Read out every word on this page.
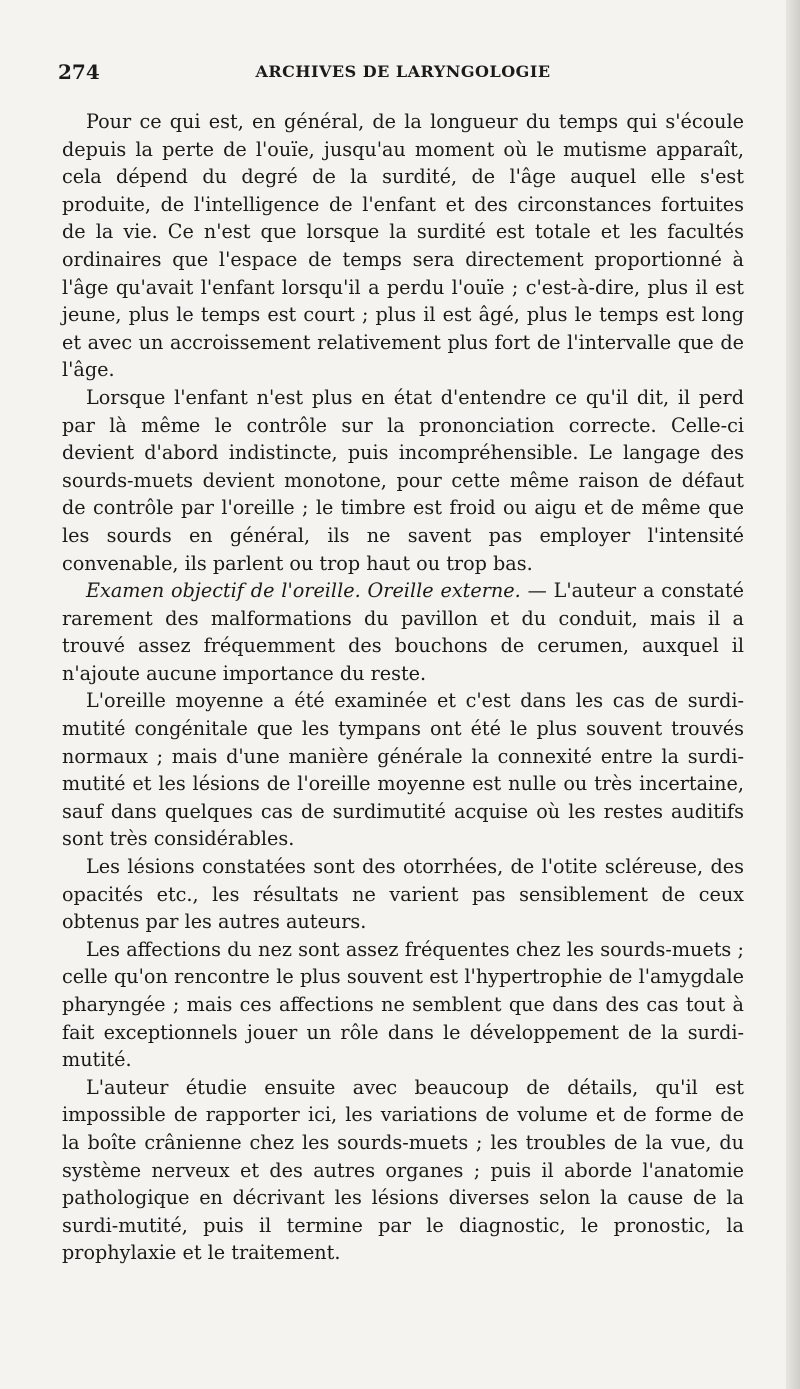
274	ARCHIVES DE LARYNGOLOGIE

Pour ce qui est, en général, de la longueur du temps qui s'écoule depuis la perte de l'ouïe, jusqu'au moment où le mutisme apparaît, cela dépend du degré de la surdité, de l'âge auquel elle s'est produite, de l'intelligence de l'enfant et des circonstances fortuites de la vie. Ce n'est que lorsque la surdité est totale et les facultés ordinaires que l'espace de temps sera directement proportionné à l'âge qu'avait l'enfant lorsqu'il a perdu l'ouïe ; c'est-à-dire, plus il est jeune, plus le temps est court ; plus il est âgé, plus le temps est long et avec un accroissement relativement plus fort de l'intervalle que de l'âge.

Lorsque l'enfant n'est plus en état d'entendre ce qu'il dit, il perd par là même le contrôle sur la prononciation correcte. Celle-ci devient d'abord indistincte, puis incompréhensible. Le langage des sourds-muets devient monotone, pour cette même raison de défaut de contrôle par l'oreille ; le timbre est froid ou aigu et de même que les sourds en général, ils ne savent pas employer l'intensité convenable, ils parlent ou trop haut ou trop bas.

Examen objectif de l'oreille. Oreille externe. — L'auteur a constaté rarement des malformations du pavillon et du conduit, mais il a trouvé assez fréquemment des bouchons de cerumen, auxquel il n'ajoute aucune importance du reste.

L'oreille moyenne a été examinée et c'est dans les cas de surdi-mutité congénitale que les tympans ont été le plus souvent trouvés normaux ; mais d'une manière générale la connexité entre la surdi-mutité et les lésions de l'oreille moyenne est nulle ou très incertaine, sauf dans quelques cas de surdimutité acquise où les restes auditifs sont très considérables.

Les lésions constatées sont des otorrhées, de l'otite scléreuse, des opacités etc., les résultats ne varient pas sensiblement de ceux obtenus par les autres auteurs.

Les affections du nez sont assez fréquentes chez les sourds-muets ; celle qu'on rencontre le plus souvent est l'hypertrophie de l'amygdale pharyngée ; mais ces affections ne semblent que dans des cas tout à fait exceptionnels jouer un rôle dans le développement de la surdi-mutité.

L'auteur étudie ensuite avec beaucoup de détails, qu'il est impossible de rapporter ici, les variations de volume et de forme de la boîte crânienne chez les sourds-muets ; les troubles de la vue, du système nerveux et des autres organes ; puis il aborde l'anatomie pathologique en décrivant les lésions diverses selon la cause de la surdi-mutité, puis il termine par le diagnostic, le pronostic, la prophylaxie et le traitement.
